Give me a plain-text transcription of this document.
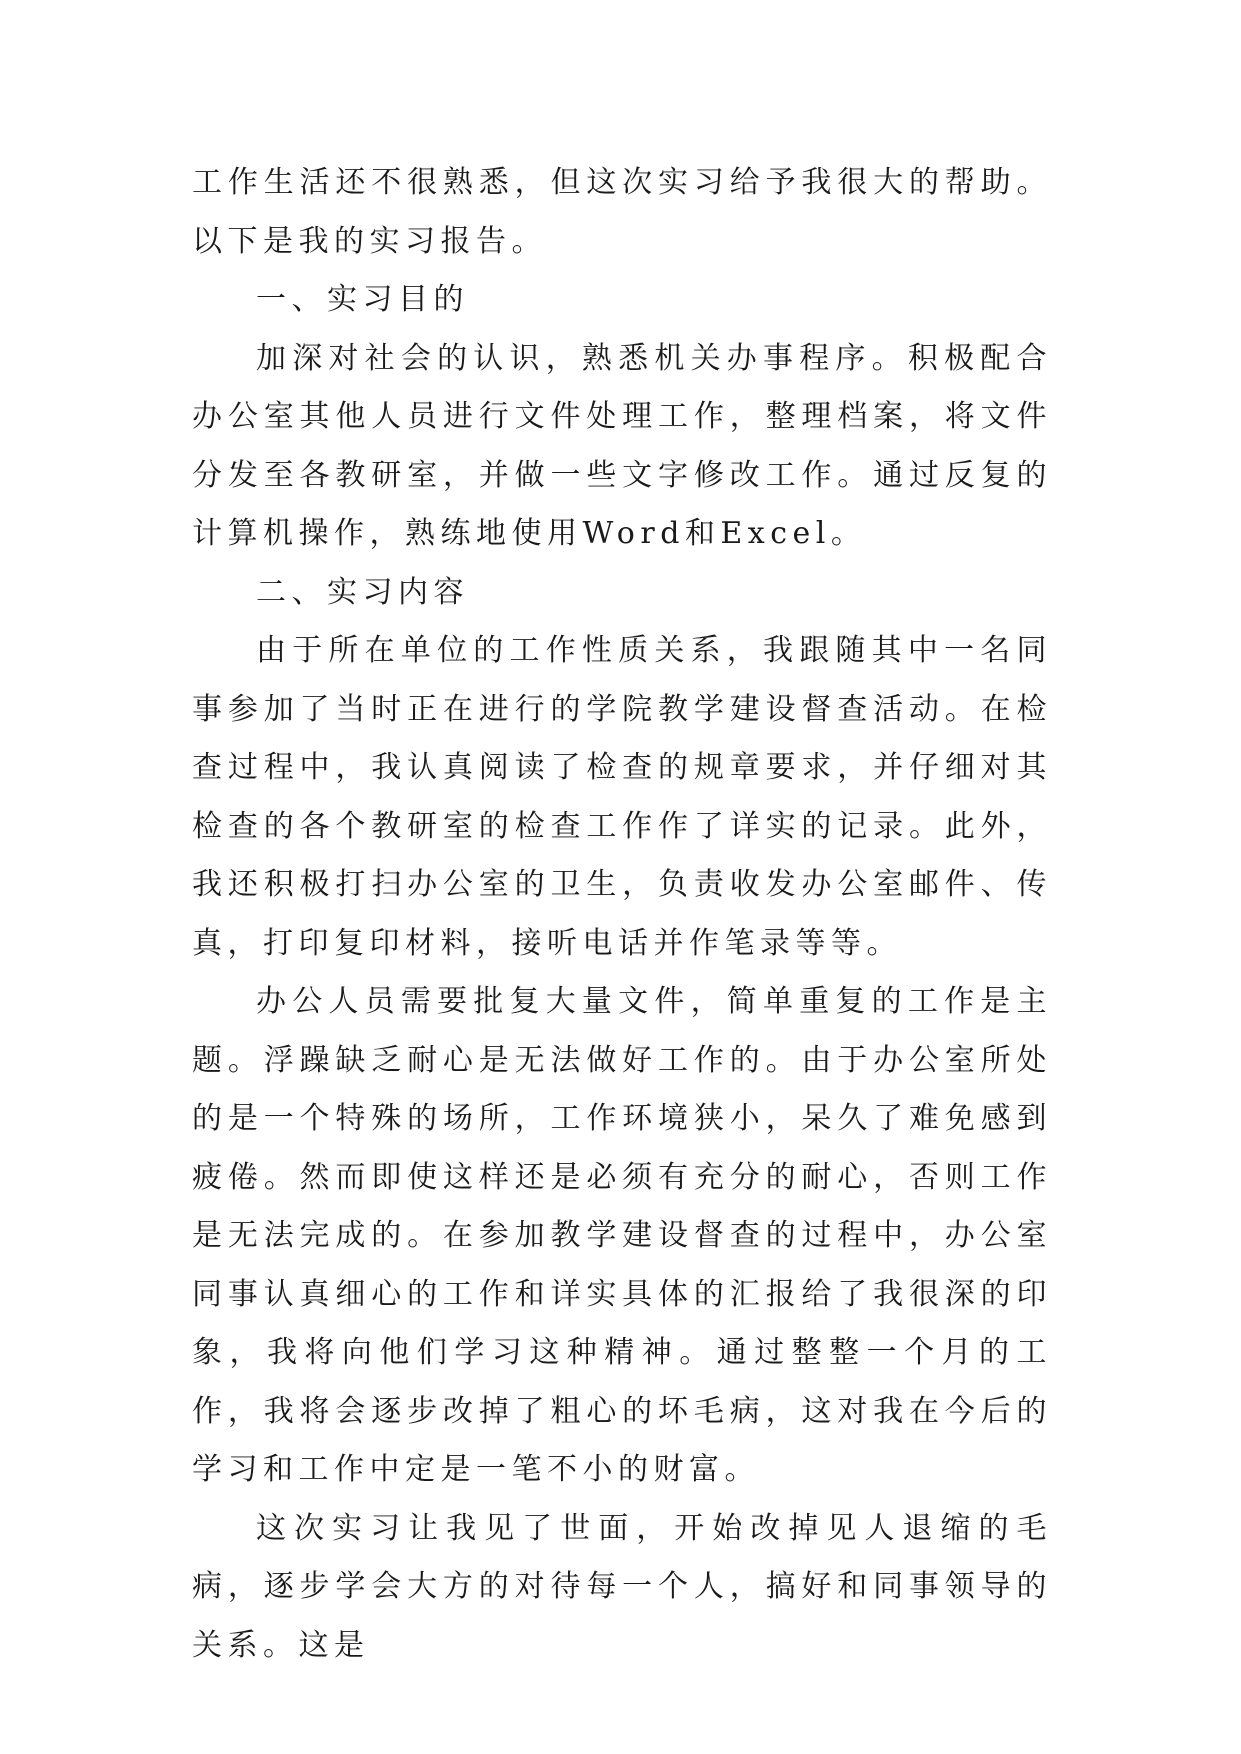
工作生活还不很熟悉，但这次实习给予我很大的帮助。以下是我的实习报告。

一、实习目的

加深对社会的认识，熟悉机关办事程序。积极配合办公室其他人员进行文件处理工作，整理档案，将文件分发至各教研室，并做一些文字修改工作。通过反复的计算机操作，熟练地使用Word和Excel。

二、实习内容

由于所在单位的工作性质关系，我跟随其中一名同事参加了当时正在进行的学院教学建设督查活动。在检查过程中，我认真阅读了检查的规章要求，并仔细对其检查的各个教研室的检查工作作了详实的记录。此外，我还积极打扫办公室的卫生，负责收发办公室邮件、传真，打印复印材料，接听电话并作笔录等等。

办公人员需要批复大量文件，简单重复的工作是主题。浮躁缺乏耐心是无法做好工作的。由于办公室所处的是一个特殊的场所，工作环境狭小，呆久了难免感到疲倦。然而即使这样还是必须有充分的耐心，否则工作是无法完成的。在参加教学建设督查的过程中，办公室同事认真细心的工作和详实具体的汇报给了我很深的印象，我将向他们学习这种精神。通过整整一个月的工作，我将会逐步改掉了粗心的坏毛病，这对我在今后的学习和工作中定是一笔不小的财富。

这次实习让我见了世面，开始改掉见人退缩的毛病，逐步学会大方的对待每一个人，搞好和同事领导的关系。这是
